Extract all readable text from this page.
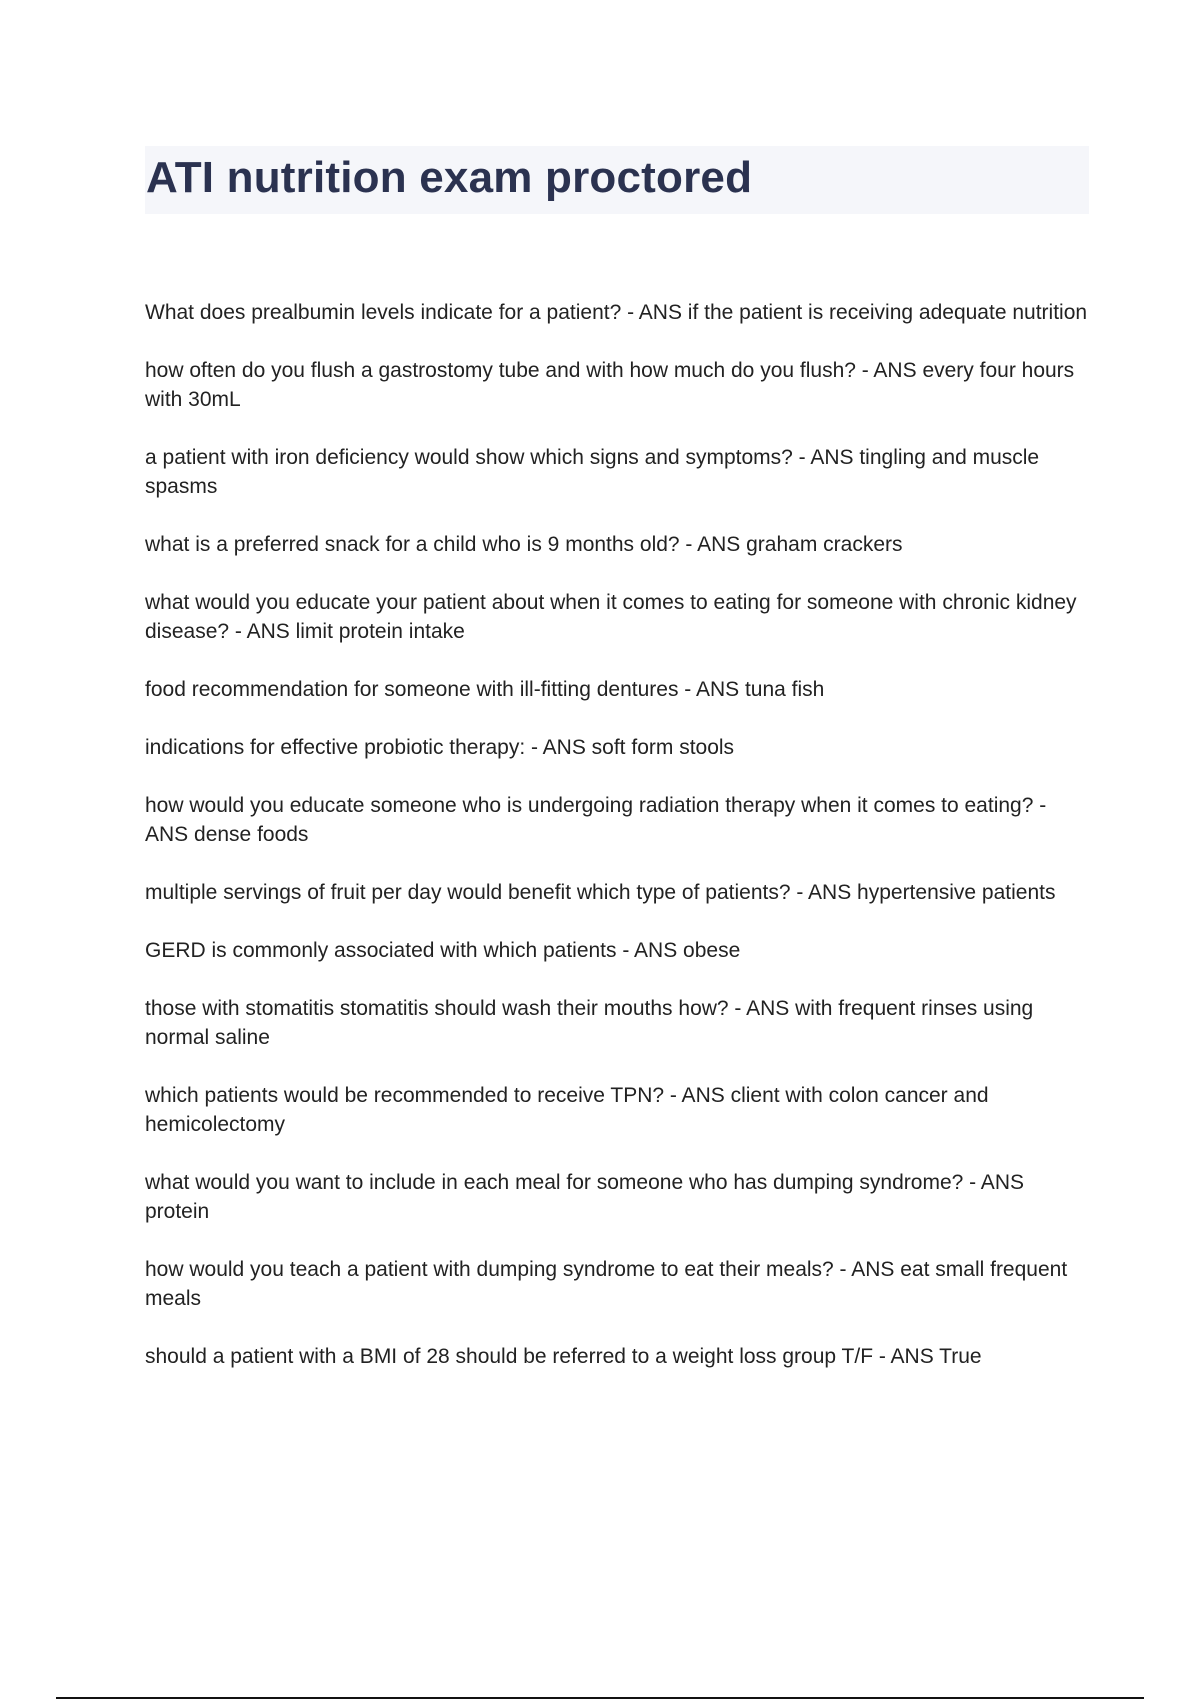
ATI nutrition exam proctored
What does prealbumin levels indicate for a patient? - ANS if the patient is receiving adequate nutrition
how often do you flush a gastrostomy tube and with how much do you flush? - ANS every four hours with 30mL
a patient with iron deficiency would show which signs and symptoms? - ANS tingling and muscle spasms
what is a preferred snack for a child who is 9 months old? - ANS graham crackers
what would you educate your patient about when it comes to eating for someone with chronic kidney disease? - ANS limit protein intake
food recommendation for someone with ill-fitting dentures - ANS tuna fish
indications for effective probiotic therapy: - ANS soft form stools
how would you educate someone who is undergoing radiation therapy when it comes to eating? - ANS dense foods
multiple servings of fruit per day would benefit which type of patients? - ANS hypertensive patients
GERD is commonly associated with which patients - ANS obese
those with stomatitis stomatitis should wash their mouths how? - ANS with frequent rinses using normal saline
which patients would be recommended to receive TPN? - ANS client with colon cancer and hemicolectomy
what would you want to include in each meal for someone who has dumping syndrome? - ANS protein
how would you teach a patient with dumping syndrome to eat their meals? - ANS eat small frequent meals
should a patient with a BMI of 28 should be referred to a weight loss group T/F - ANS True
